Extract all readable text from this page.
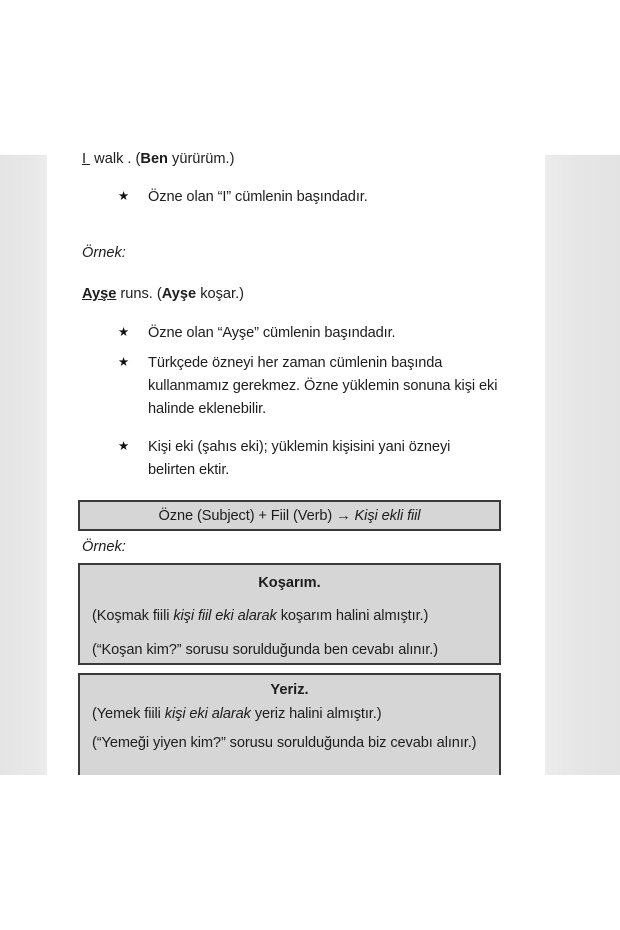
I  walk . (Ben yürürüm.)
★	Özne olan “I” cümlenin başındadır.
Örnek:
Ayşe runs. (Ayşe koşar.)
★	Özne olan “Ayşe” cümlenin başındadır.
★	Türkçede özneyi her zaman cümlenin başında kullanmamız gerekmez. Özne yüklemin sonuna kişi eki halinde eklenebilir.
★	Kişi eki (şahıs eki); yüklemin kişisini yani özneyi belirten ektir.
Özne (Subject) + Fiil (Verb) → Kişi ekli fiil
Örnek:
Koşarım.
(Koşmak fiili kişi fiil eki alarak koşarım halini almıştır.)
(“Koşan kim?” sorusu sorulduğunda ben cevabı alınır.)
Yeriz.
(Yemek fiili kişi eki alarak yeriz halini almıştır.)
(“Yemeği yiyen kim?” sorusu sorulduğunda biz cevabı alınır.)
